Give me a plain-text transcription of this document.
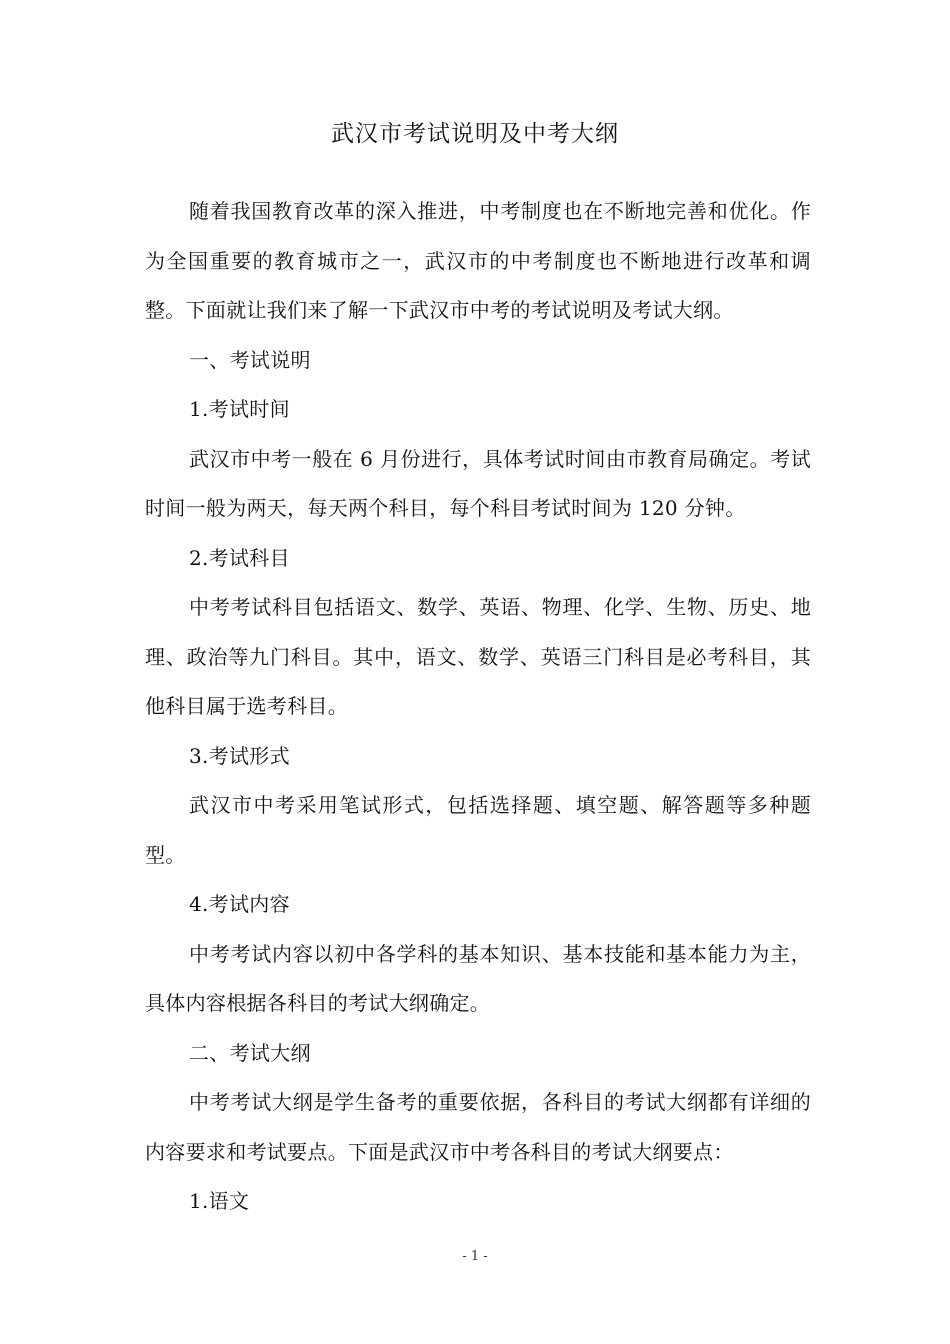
武汉市考试说明及中考大纲

随着我国教育改革的深入推进，中考制度也在不断地完善和优化。作为全国重要的教育城市之一，武汉市的中考制度也不断地进行改革和调整。下面就让我们来了解一下武汉市中考的考试说明及考试大纲。

一、考试说明

1.考试时间

武汉市中考一般在 6 月份进行，具体考试时间由市教育局确定。考试时间一般为两天，每天两个科目，每个科目考试时间为 120 分钟。

2.考试科目

中考考试科目包括语文、数学、英语、物理、化学、生物、历史、地理、政治等九门科目。其中，语文、数学、英语三门科目是必考科目，其他科目属于选考科目。

3.考试形式

武汉市中考采用笔试形式，包括选择题、填空题、解答题等多种题型。

4.考试内容

中考考试内容以初中各学科的基本知识、基本技能和基本能力为主，具体内容根据各科目的考试大纲确定。

二、考试大纲

中考考试大纲是学生备考的重要依据，各科目的考试大纲都有详细的内容要求和考试要点。下面是武汉市中考各科目的考试大纲要点：

1.语文

- 1 -
